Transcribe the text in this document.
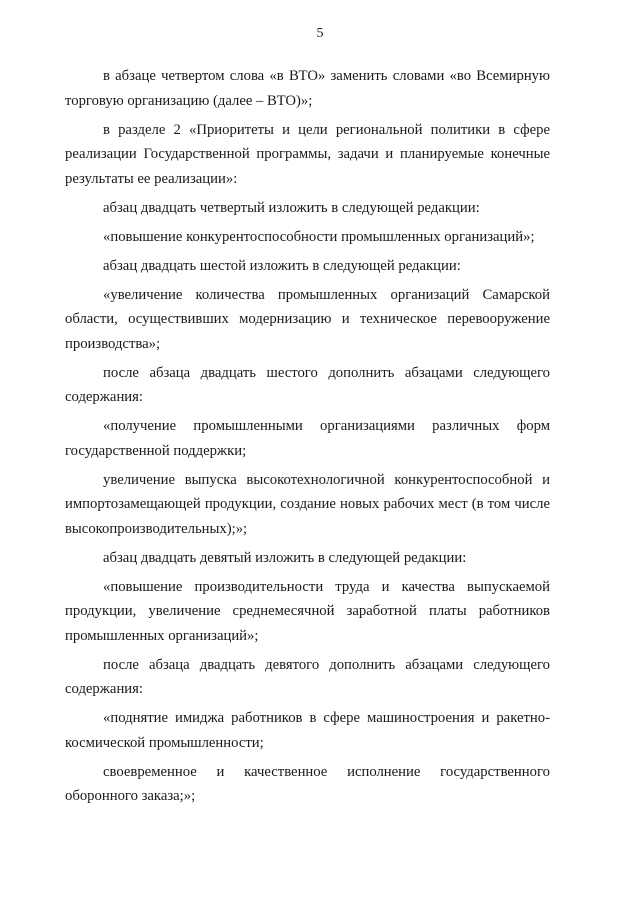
5

в абзаце четвертом слова «в ВТО» заменить словами «во Всемирную торговую организацию (далее – ВТО)»;

в разделе 2 «Приоритеты и цели региональной политики в сфере реализации Государственной программы, задачи и планируемые конечные результаты ее реализации»:

абзац двадцать четвертый изложить в следующей редакции:

«повышение конкурентоспособности промышленных организаций»;

абзац двадцать шестой изложить в следующей редакции:

«увеличение количества промышленных организаций Самарской области, осуществивших модернизацию и техническое перевооружение производства»;

после абзаца двадцать шестого дополнить абзацами следующего содержания:

«получение промышленными организациями различных форм государственной поддержки;

увеличение выпуска высокотехнологичной конкурентоспособной и импортозамещающей продукции, создание новых рабочих мест (в том числе высокопроизводительных);»;

абзац двадцать девятый изложить в следующей редакции:

«повышение производительности труда и качества выпускаемой продукции, увеличение среднемесячной заработной платы работников промышленных организаций»;

после абзаца двадцать девятого дополнить абзацами следующего содержания:

«поднятие имиджа работников в сфере машиностроения и ракетно-космической промышленности;

своевременное и качественное исполнение государственного оборонного заказа;»;
